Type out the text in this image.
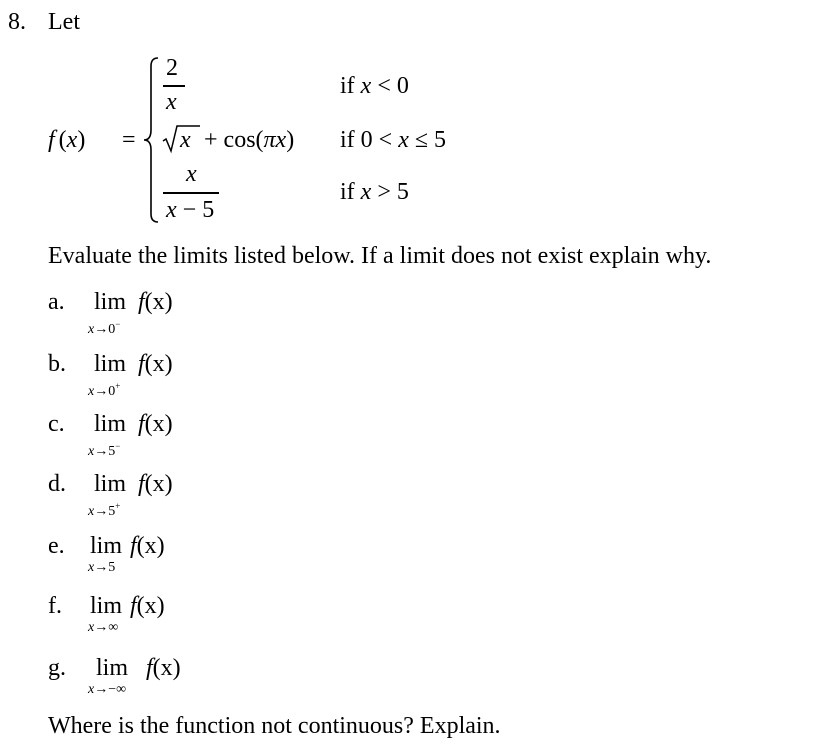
8. Let
f (x) =
2
x
if x < 0
x + cos(πx) if 0 < x ≤ 5
x
x − 5
if x > 5
Evaluate the limits listed below. If a limit does not exist explain why.
a. lim f(x)
x→0−
b. lim f(x)
x→0+
c. lim f(x)
x→5−
d. lim f(x)
x→5+
e. lim f(x)
x→5
f. lim f(x)
x→∞
g. lim f(x)
x→−∞
Where is the function not continuous? Explain.
